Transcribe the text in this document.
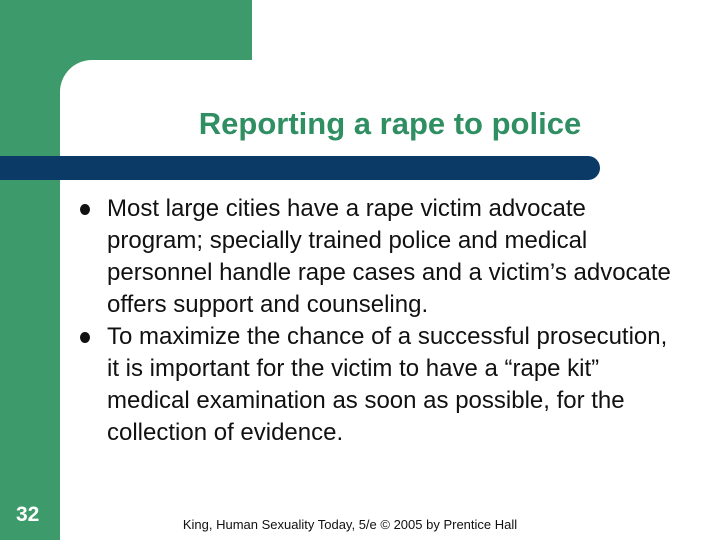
Reporting a rape to police
Most large cities have a rape victim advocate program; specially trained police and medical personnel handle rape cases and a victim’s advocate offers support and counseling.
To maximize the chance of a successful prosecution, it is important for the victim to have a “rape kit” medical examination as soon as possible, for the collection of evidence.
32	King, Human Sexuality Today, 5/e © 2005 by Prentice Hall
